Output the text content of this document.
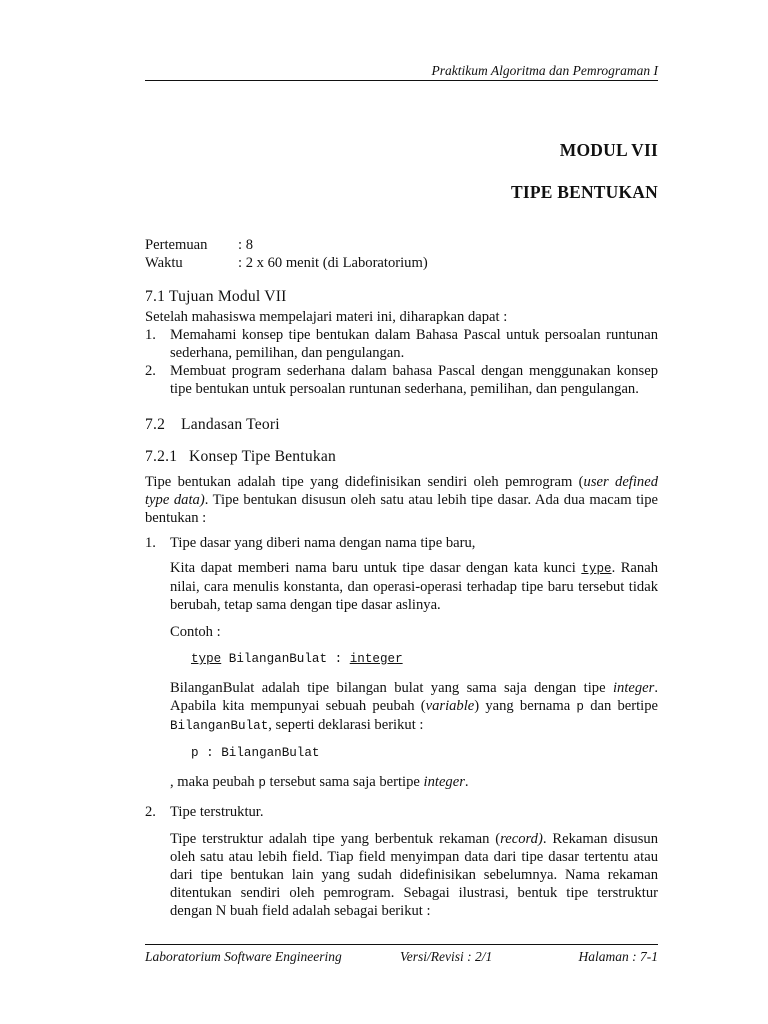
Praktikum Algoritma dan Pemrograman I
MODUL VII
TIPE BENTUKAN
Pertemuan	: 8
Waktu	: 2 x 60 menit (di Laboratorium)
7.1 Tujuan Modul VII

Setelah mahasiswa mempelajari materi ini, diharapkan dapat :

1. Memahami konsep tipe bentukan dalam Bahasa Pascal untuk persoalan runtunan sederhana, pemilihan, dan pengulangan.
2. Membuat program sederhana dalam bahasa Pascal dengan menggunakan konsep tipe bentukan untuk persoalan runtunan sederhana, pemilihan, dan pengulangan.
7.2 Landasan Teori
7.2.1 Konsep Tipe Bentukan

Tipe bentukan adalah tipe yang didefinisikan sendiri oleh pemrogram (user defined type data). Tipe bentukan disusun oleh satu atau lebih tipe dasar. Ada dua macam tipe bentukan :

1. Tipe dasar yang diberi nama dengan nama tipe baru,

Kita dapat memberi nama baru untuk tipe dasar dengan kata kunci type. Ranah nilai, cara menulis konstanta, dan operasi-operasi terhadap tipe baru tersebut tidak berubah, tetap sama dengan tipe dasar aslinya.

Contoh :

type BilanganBulat : integer

BilanganBulat adalah tipe bilangan bulat yang sama saja dengan tipe integer. Apabila kita mempunyai sebuah peubah (variable) yang bernama p dan bertipe BilanganBulat, seperti deklarasi berikut :

p : BilanganBulat

, maka peubah p tersebut sama saja bertipe integer.

2. Tipe terstruktur.

Tipe terstruktur adalah tipe yang berbentuk rekaman (record). Rekaman disusun oleh satu atau lebih field. Tiap field menyimpan data dari tipe dasar tertentu atau dari tipe bentukan lain yang sudah didefinisikan sebelumnya. Nama rekaman ditentukan sendiri oleh pemrogram. Sebagai ilustrasi, bentuk tipe terstruktur dengan N buah field adalah sebagai berikut :

Laboratorium Software Engineering	Versi/Revisi : 2/1	Halaman : 7-1
